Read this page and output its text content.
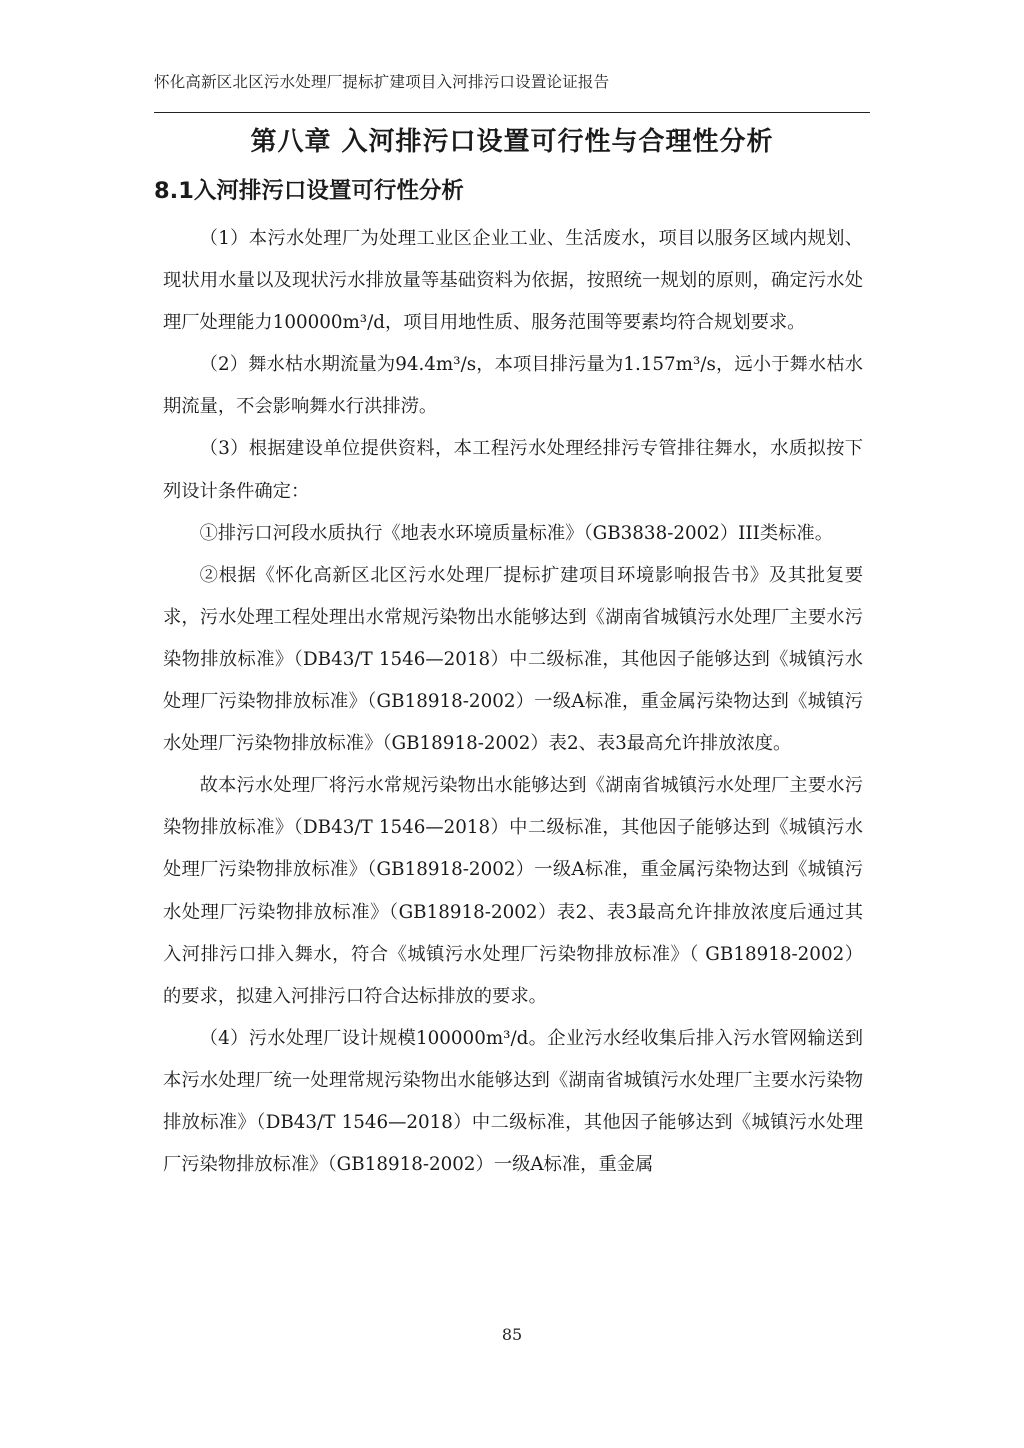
怀化高新区北区污水处理厂提标扩建项目入河排污口设置论证报告
第八章 入河排污口设置可行性与合理性分析
8.1入河排污口设置可行性分析

（1）本污水处理厂为处理工业区企业工业、生活废水，项目以服务区域内规划、现状用水量以及现状污水排放量等基础资料为依据，按照统一规划的原则，确定污水处理厂处理能力100000m³/d，项目用地性质、服务范围等要素均符合规划要求。

（2）舞水枯水期流量为94.4m³/s，本项目排污量为1.157m³/s，远小于舞水枯水期流量，不会影响舞水行洪排涝。

（3）根据建设单位提供资料，本工程污水处理经排污专管排往舞水，水质拟按下列设计条件确定：

①排污口河段水质执行《地表水环境质量标准》（GB3838-2002）III类标准。

②根据《怀化高新区北区污水处理厂提标扩建项目环境影响报告书》及其批复要求，污水处理工程处理出水常规污染物出水能够达到《湖南省城镇污水处理厂主要水污染物排放标准》（DB43/T 1546—2018）中二级标准，其他因子能够达到《城镇污水处理厂污染物排放标准》（GB18918-2002）一级A标准，重金属污染物达到《城镇污水处理厂污染物排放标准》（GB18918-2002）表2、表3最高允许排放浓度。

故本污水处理厂将污水常规污染物出水能够达到《湖南省城镇污水处理厂主要水污染物排放标准》（DB43/T 1546—2018）中二级标准，其他因子能够达到《城镇污水处理厂污染物排放标准》（GB18918-2002）一级A标准，重金属污染物达到《城镇污水处理厂污染物排放标准》（GB18918-2002）表2、表3最高允许排放浓度后通过其入河排污口排入舞水，符合《城镇污水处理厂污染物排放标准》（ GB18918-2002）的要求，拟建入河排污口符合达标排放的要求。

（4）污水处理厂设计规模100000m³/d。企业污水经收集后排入污水管网输送到本污水处理厂统一处理常规污染物出水能够达到《湖南省城镇污水处理厂主要水污染物排放标准》（DB43/T 1546—2018）中二级标准，其他因子能够达到《城镇污水处理厂污染物排放标准》（GB18918-2002）一级A标准，重金属

85
